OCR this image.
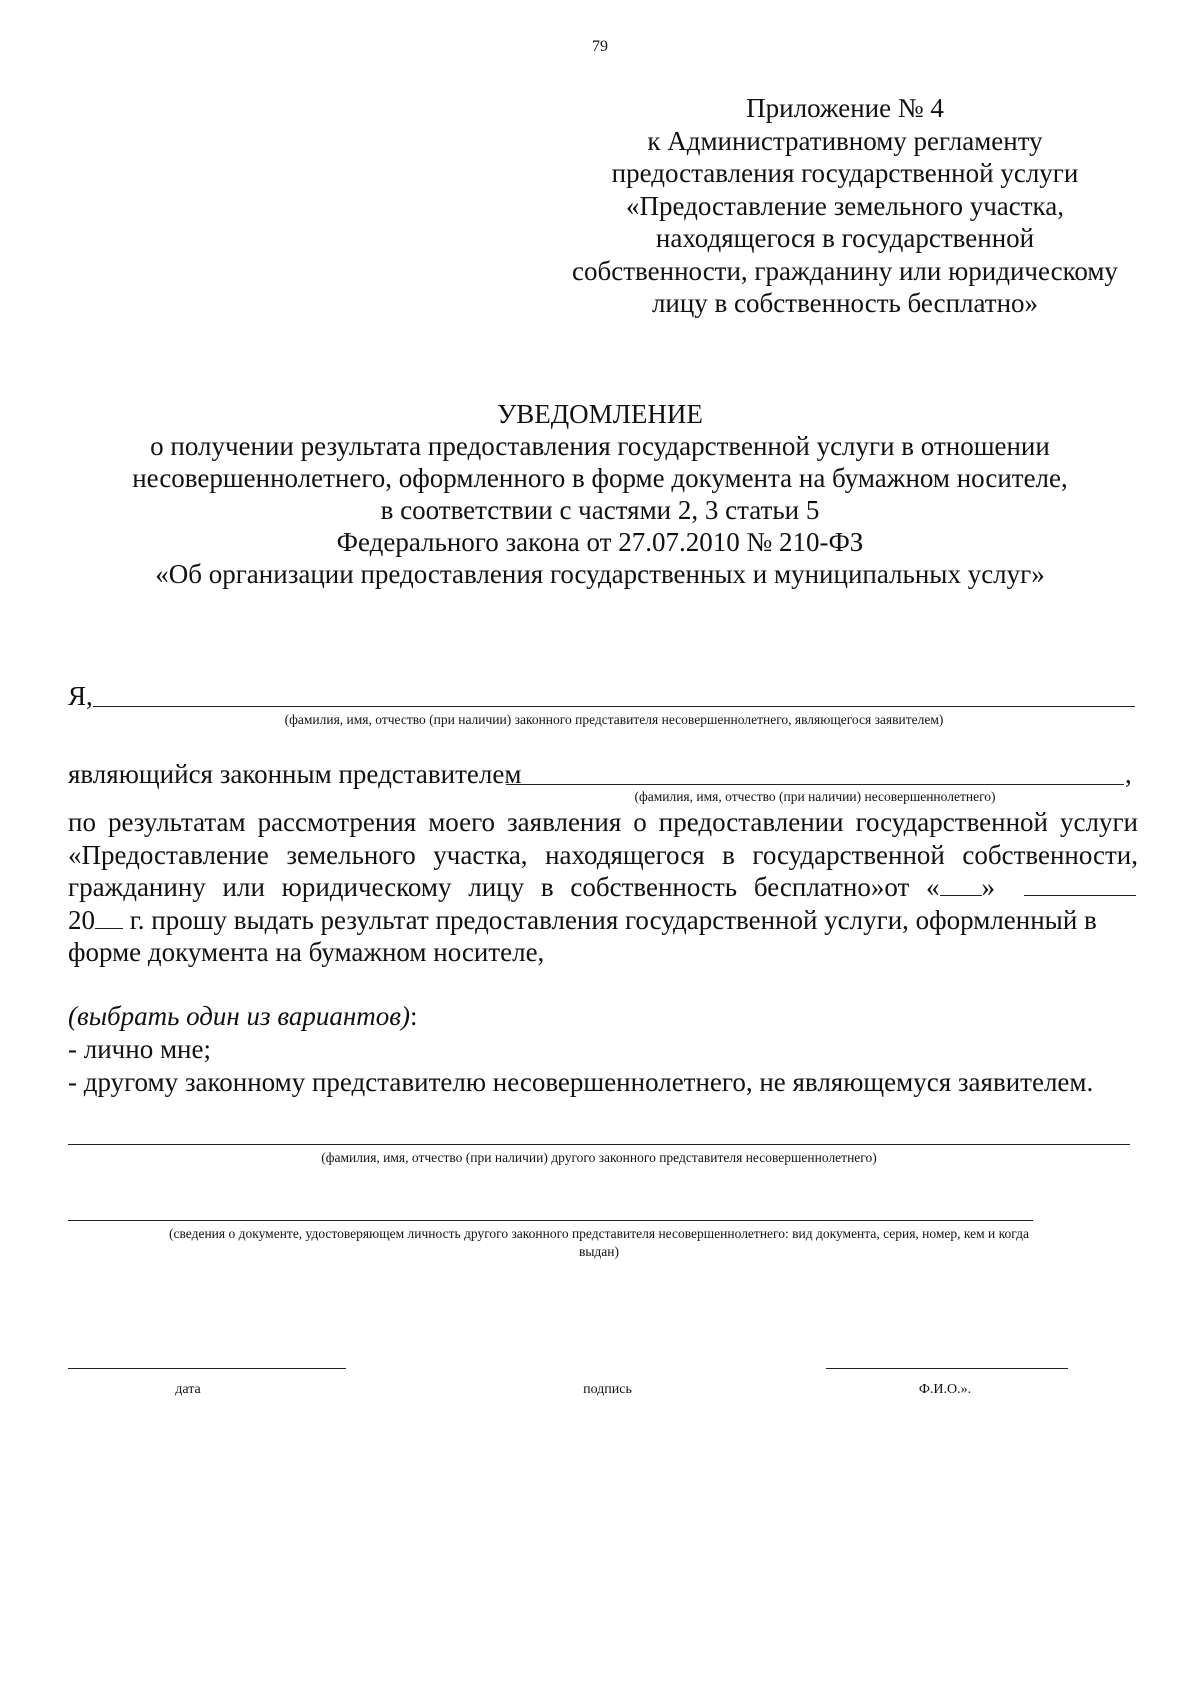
79
Приложение № 4
к Административному регламенту
предоставления государственной услуги
«Предоставление земельного участка,
находящегося в государственной
собственности, гражданину или юридическому
лицу в собственность бесплатно»
УВЕДОМЛЕНИЕ
о получении результата предоставления государственной услуги в отношении
несовершеннолетнего, оформленного в форме документа на бумажном носителе,
в соответствии с частями 2, 3 статьи 5
Федерального закона от 27.07.2010 № 210-ФЗ
«Об организации предоставления государственных и муниципальных услуг»
Я,
(фамилия, имя, отчество (при наличии) законного представителя несовершеннолетнего, являющегося заявителем)
являющийся законным представителем	,
(фамилия, имя, отчество (при наличии) несовершеннолетнего)
по результатам рассмотрения моего заявления о предоставлении государственной услуги
«Предоставление земельного участка, находящегося в государственной собственности,
гражданину или юридическому лицу в собственность бесплатно»от « »
20 г. прошу выдать результат предоставления государственной услуги, оформленный в
форме документа на бумажном носителе,
(выбрать один из вариантов):
- лично мне;
- другому законному представителю несовершеннолетнего, не являющемуся заявителем.
(фамилия, имя, отчество (при наличии) другого законного представителя несовершеннолетнего)
(сведения о документе, удостоверяющем личность другого законного представителя несовершеннолетнего: вид документа, серия, номер, кем и когда
выдан)
дата	подпись	Ф.И.О.».
